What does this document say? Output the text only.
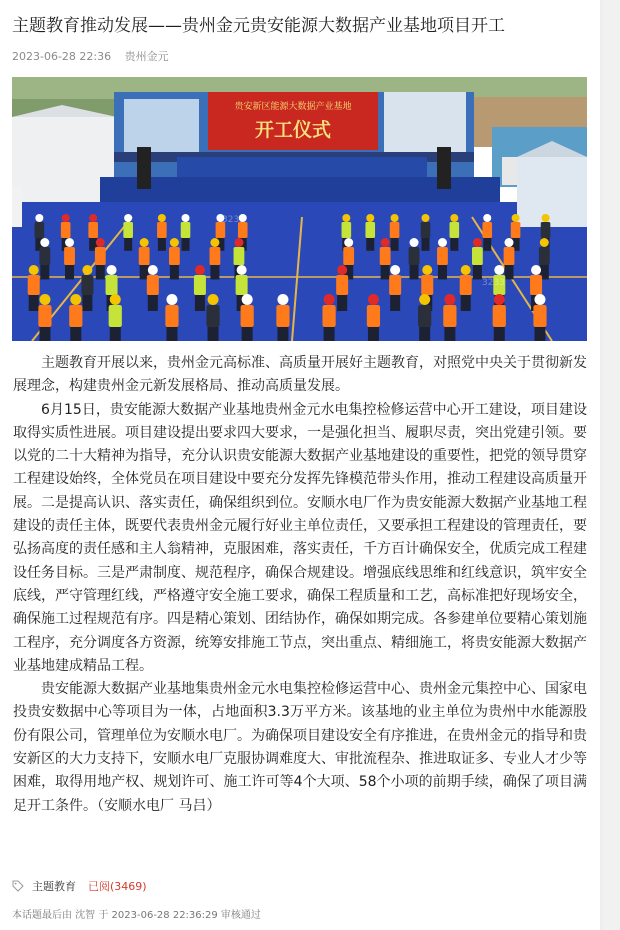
主题教育推动发展——贵州金元贵安能源大数据产业基地项目开工
2023-06-28 22:36 贵州金元
贵安新区能源大数据产业基地
开工仪式
3233
3233

主题教育开展以来，贵州金元高标准、高质量开展好主题教育，对照党中央关于贯彻新发展理念，构建贵州金元新发展格局、推动高质量发展。

6月15日，贵安能源大数据产业基地贵州金元水电集控检修运营中心开工建设，项目建设取得实质性进展。项目建设提出要求四大要求，一是强化担当、履职尽责，突出党建引领。要以党的二十大精神为指导，充分认识贵安能源大数据产业基地建设的重要性，把党的领导贯穿工程建设始终，全体党员在项目建设中要充分发挥先锋模范带头作用，推动工程建设高质量开展。二是提高认识、落实责任，确保组织到位。安顺水电厂作为贵安能源大数据产业基地工程建设的责任主体，既要代表贵州金元履行好业主单位责任，又要承担工程建设的管理责任，要弘扬高度的责任感和主人翁精神，克服困难，落实责任，千方百计确保安全，优质完成工程建设任务目标。三是严肃制度、规范程序，确保合规建设。增强底线思维和红线意识，筑牢安全底线，严守管理红线，严格遵守安全施工要求，确保工程质量和工艺，高标准把好现场安全，确保施工过程规范有序。四是精心策划、团结协作，确保如期完成。各参建单位要精心策划施工程序，充分调度各方资源，统筹安排施工节点，突出重点、精细施工，将贵安能源大数据产业基地建成精品工程。

贵安能源大数据产业基地集贵州金元水电集控检修运营中心、贵州金元集控中心、国家电投贵安数据中心等项目为一体，占地面积3.3万平方米。该基地的业主单位为贵州中水能源股份有限公司，管理单位为安顺水电厂。为确保项目建设安全有序推进，在贵州金元的指导和贵安新区的大力支持下，安顺水电厂克服协调难度大、审批流程杂、推进取证多、专业人才少等困难，取得用地产权、规划许可、施工许可等4个大项、58个小项的前期手续，确保了项目满足开工条件。（安顺水电厂 马吕）

主题教育 已阅(3469)
本话题最后由 沈智 于 2023-06-28 22:36:29 审核通过
